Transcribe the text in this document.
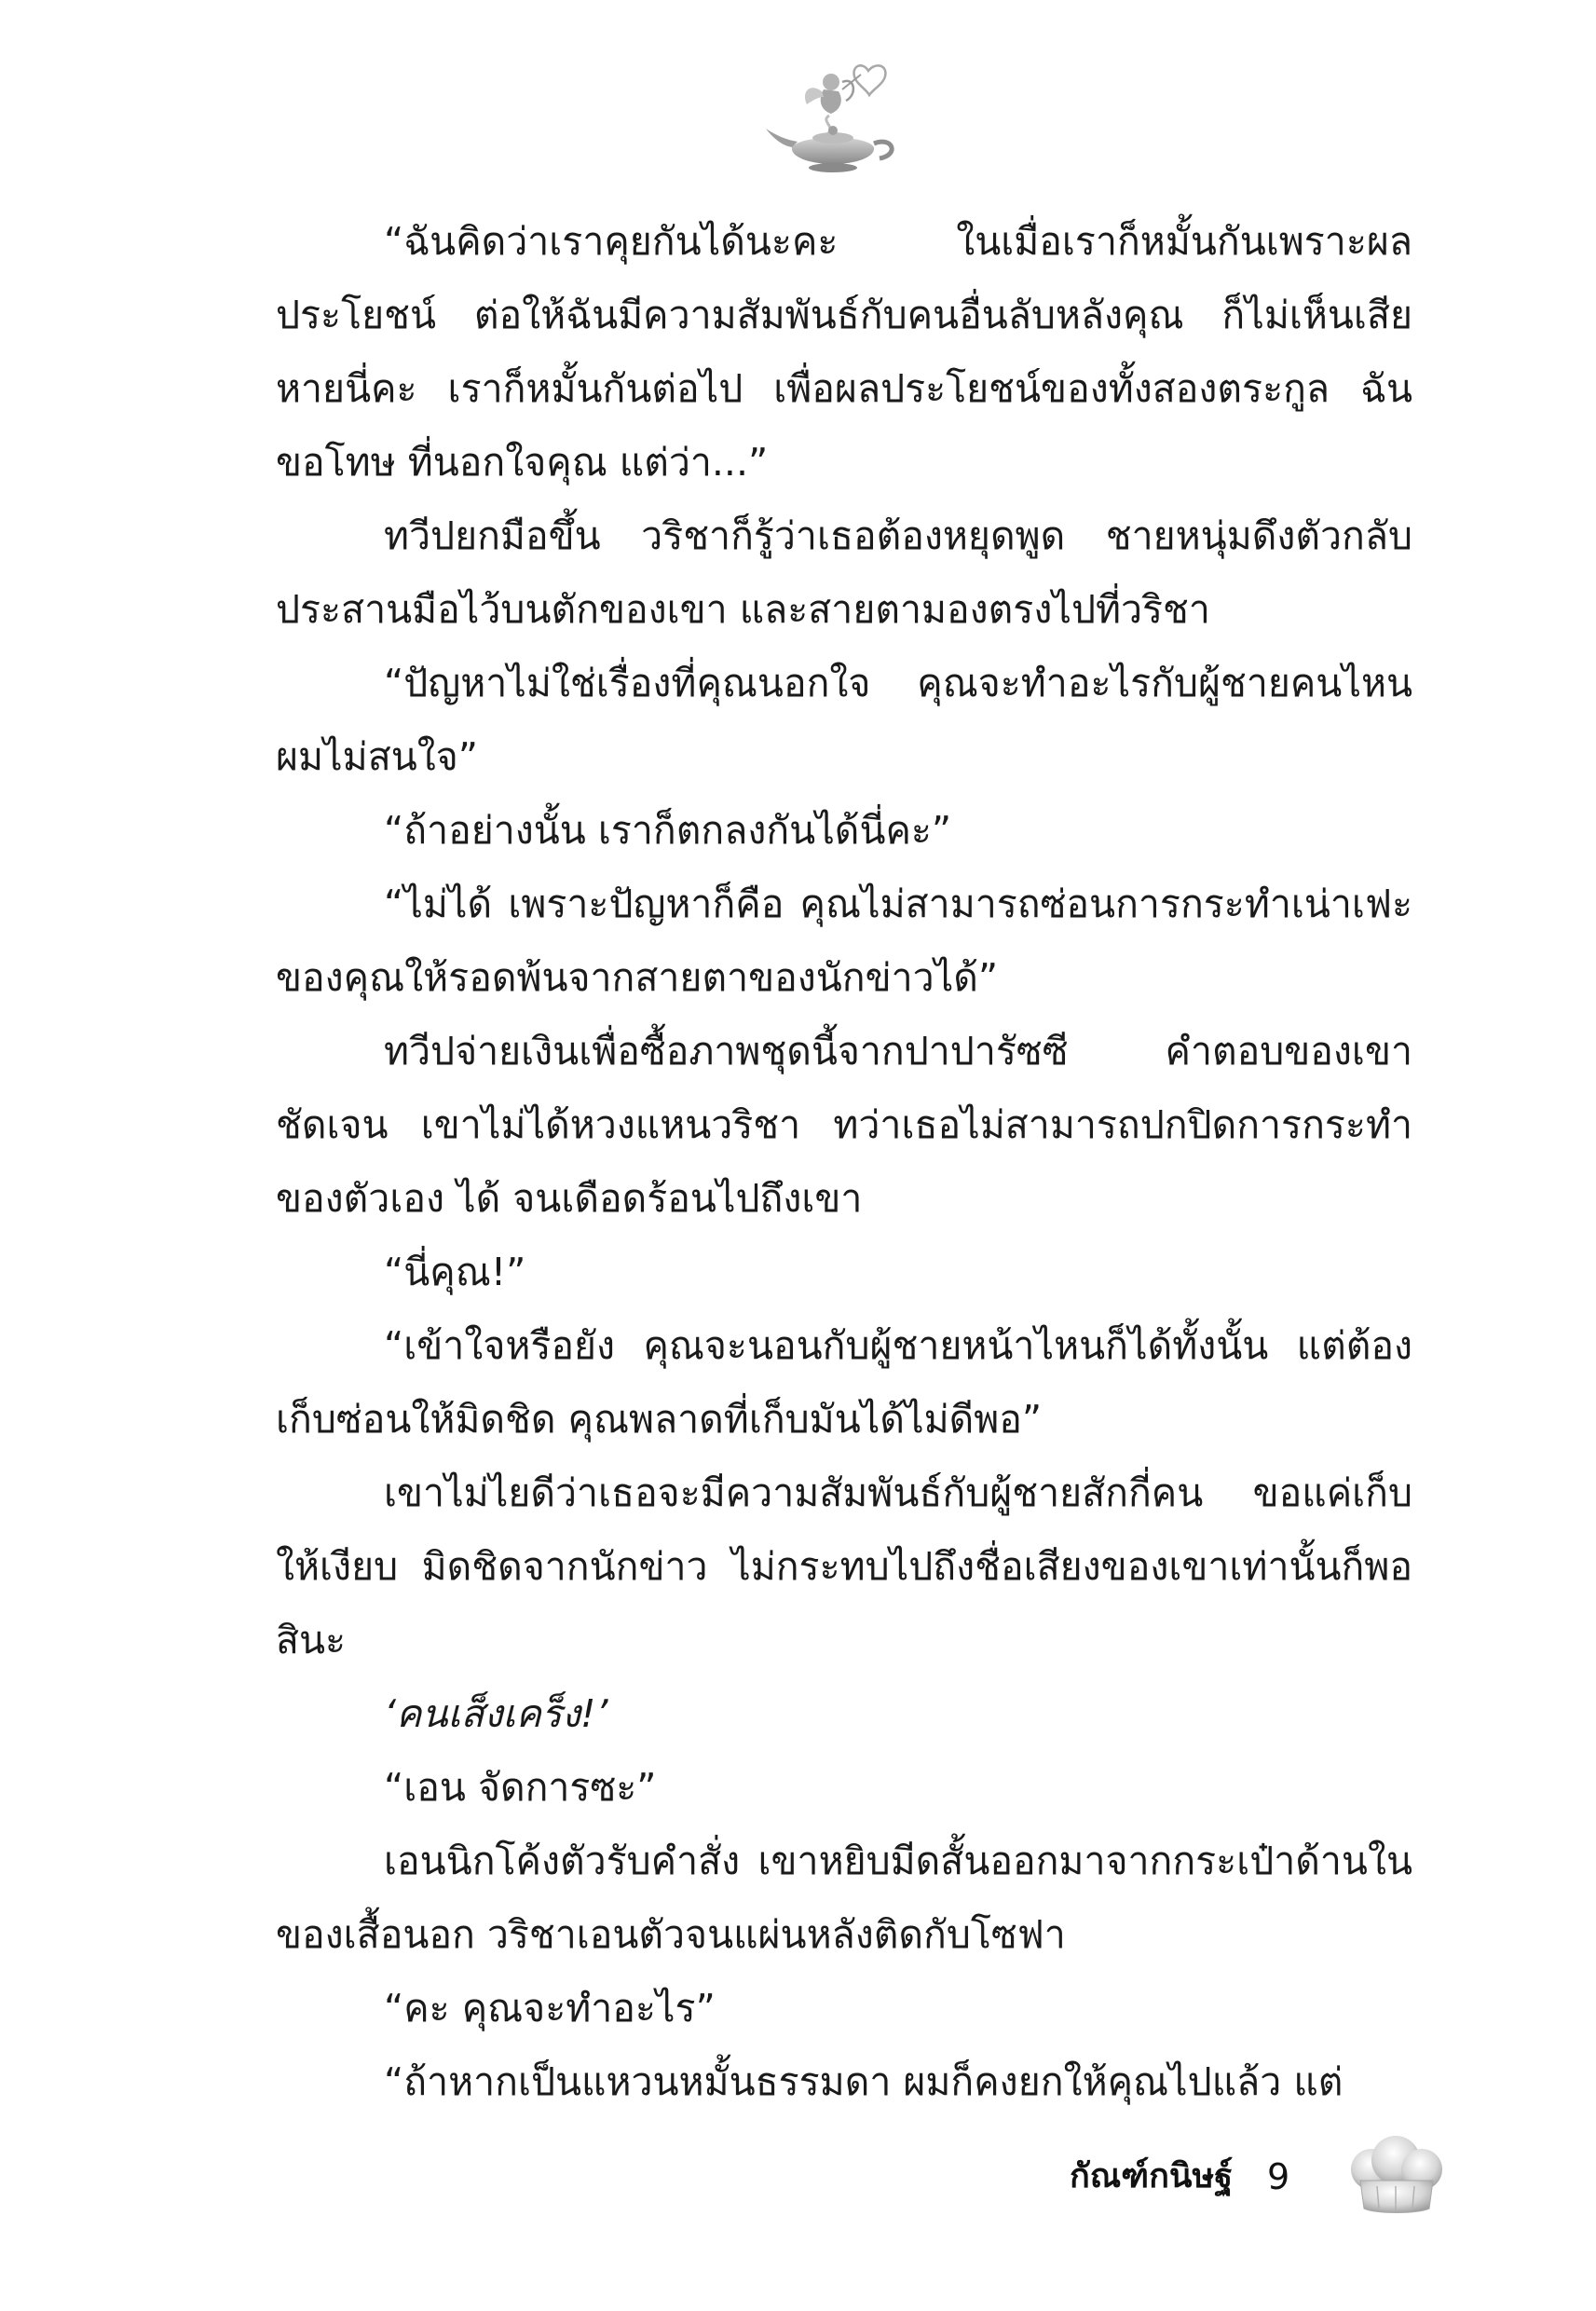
“ฉันคิดว่าเราคุยกันได้นะคะ ในเมื่อเราก็หมั้นกันเพราะผลประโยชน์ ต่อให้ฉันมีความสัมพันธ์กับคนอื่นลับหลังคุณ ก็ไม่เห็นเสียหายนี่คะ เราก็หมั้นกันต่อไป เพื่อผลประโยชน์ของทั้งสองตระกูล ฉันขอโทษ ที่นอกใจคุณ แต่ว่า...”

ทวีปยกมือขึ้น วริชาก็รู้ว่าเธอต้องหยุดพูด ชายหนุ่มดึงตัวกลับ ประสานมือไว้บนตักของเขา และสายตามองตรงไปที่วริชา

“ปัญหาไม่ใช่เรื่องที่คุณนอกใจ คุณจะทำอะไรกับผู้ชายคนไหน ผมไม่สนใจ”

“ถ้าอย่างนั้น เราก็ตกลงกันได้นี่คะ”

“ไม่ได้ เพราะปัญหาก็คือ คุณไม่สามารถซ่อนการกระทำเน่าเฟะ ของคุณให้รอดพ้นจากสายตาของนักข่าวได้”

ทวีปจ่ายเงินเพื่อซื้อภาพชุดนี้จากปาปารัซซี คำตอบของเขาชัดเจน เขาไม่ได้หวงแหนวริชา ทว่าเธอไม่สามารถปกปิดการกระทำของตัวเอง ได้ จนเดือดร้อนไปถึงเขา

“นี่คุณ!”

“เข้าใจหรือยัง คุณจะนอนกับผู้ชายหน้าไหนก็ได้ทั้งนั้น แต่ต้อง เก็บซ่อนให้มิดชิด คุณพลาดที่เก็บมันได้ไม่ดีพอ”

เขาไม่ไยดีว่าเธอจะมีความสัมพันธ์กับผู้ชายสักกี่คน ขอแค่เก็บ ให้เงียบ มิดชิดจากนักข่าว ไม่กระทบไปถึงชื่อเสียงของเขาเท่านั้นก็พอ สินะ

‘คนเส็งเคร็ง!’

“เอน จัดการซะ”

เอนนิกโค้งตัวรับคำสั่ง เขาหยิบมีดสั้นออกมาจากกระเป๋าด้านใน ของเสื้อนอก วริชาเอนตัวจนแผ่นหลังติดกับโซฟา

“คะ คุณจะทำอะไร”

“ถ้าหากเป็นแหวนหมั้นธรรมดา ผมก็คงยกให้คุณไปแล้ว แต่

กัณฑ์กนิษฐ์ 9
